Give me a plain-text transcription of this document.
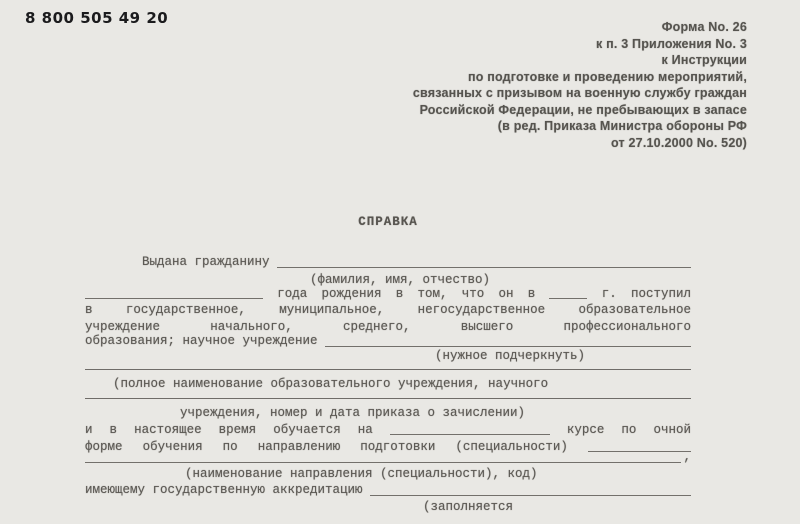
8 800 505 49 20	Форма No. 26
к п. 3 Приложения No. 3
к Инструкции
по подготовке и проведению мероприятий,
связанных с призывом на военную службу граждан
Российской Федерации, не пребывающих в запасе
(в ред. Приказа Министра обороны РФ
от 27.10.2000 No. 520)
СПРАВКА
Выдана гражданину
(фамилия, имя, отчество)
года рождения в том, что он в	г. поступил
в государственное, муниципальное, негосударственное образовательное
учреждение начального, среднего, высшего профессионального
образования; научное учреждение
(нужное подчеркнуть)
(полное наименование образовательного учреждения, научного
учреждения, номер и дата приказа о зачислении)
и в настоящее время обучается на	курсе по очной
форме обучения по направлению подготовки (специальности)
,
(наименование направления (специальности), код)
имеющему государственную аккредитацию
(заполняется
